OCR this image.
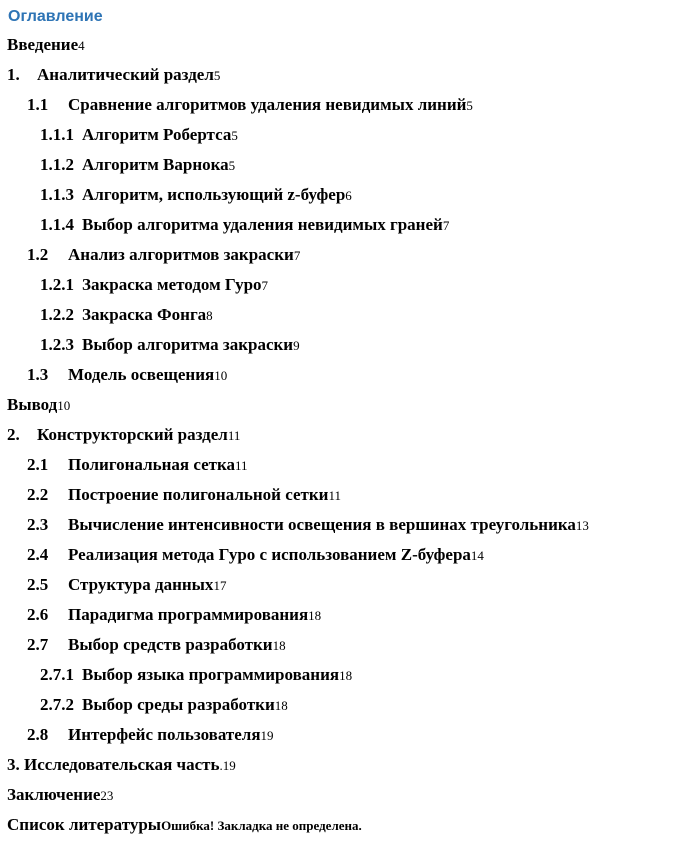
Оглавление
Введение 4
1.	Аналитический раздел 5
1.1	Сравнение алгоритмов удаления невидимых линий 5
1.1.1 Алгоритм Робертса 5
1.1.2 Алгоритм Варнока 5
1.1.3 Алгоритм, использующий z-буфер 6
1.1.4 Выбор алгоритма удаления невидимых граней 7
1.2	Анализ алгоритмов закраски 7
1.2.1 Закраска методом Гуро 7
1.2.2 Закраска Фонга 8
1.2.3 Выбор алгоритма закраски 9
1.3	Модель освещения 10
Вывод 10
2.	Конструкторский раздел 11
2.1	Полигональная сетка 11
2.2	Построение полигональной сетки 11
2.3	Вычисление интенсивности освещения в вершинах треугольника 13
2.4	Реализация метода Гуро с использованием Z-буфера 14
2.5	Структура данных 17
2.6	Парадигма программирования 18
2.7	Выбор средств разработки 18
2.7.1 Выбор языка программирования 18
2.7.2 Выбор среды разработки 18
2.8	Интерфейс пользователя 19
3. Исследовательская часть . 19
Заключение 23
Список литературы Ошибка! Закладка не определена.
